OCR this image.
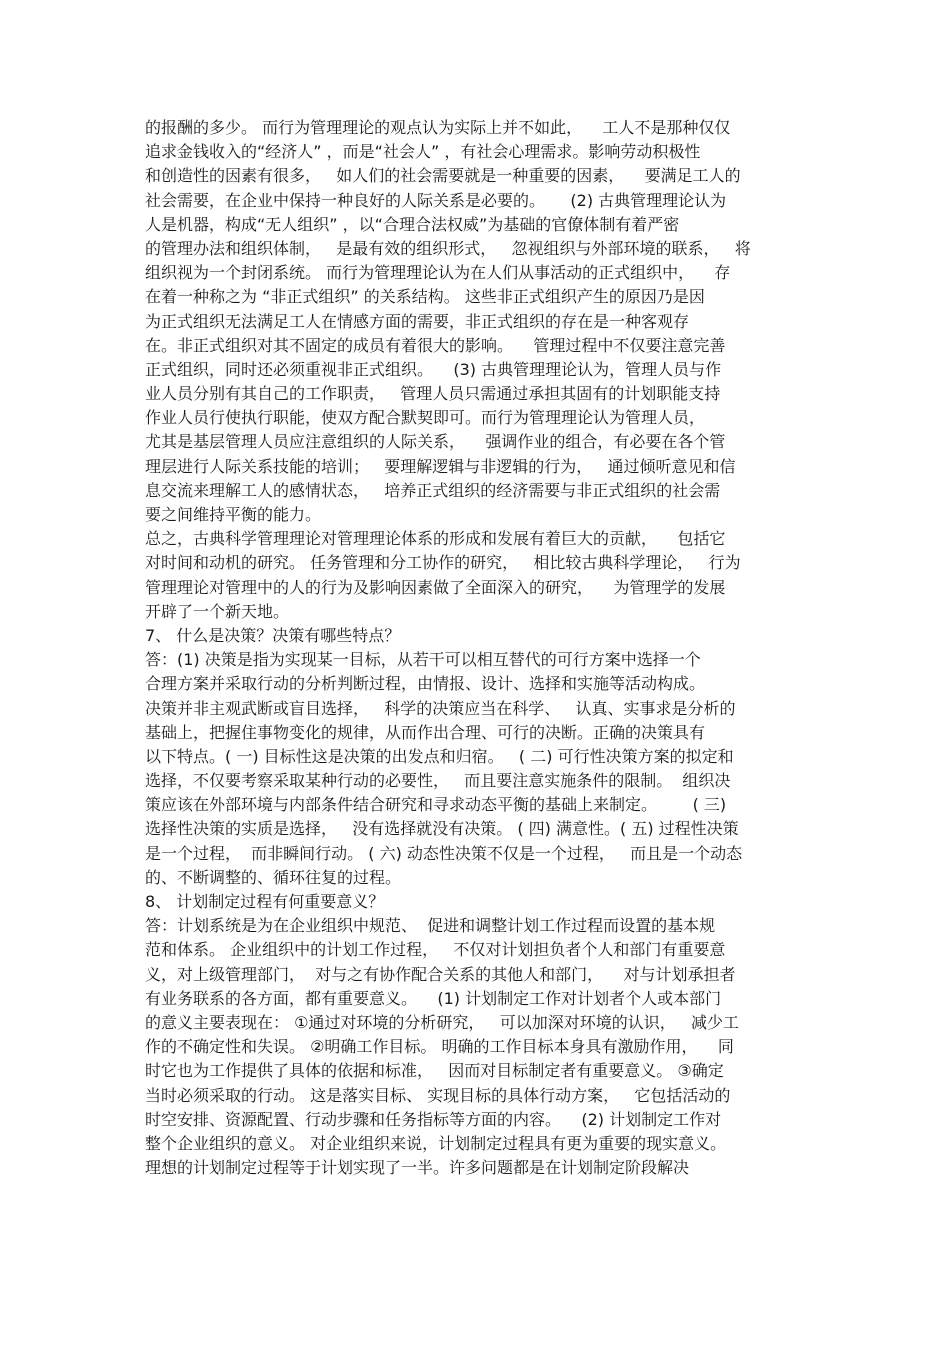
的报酬的多少。 而行为管理理论的观点认为实际上并不如此，    工人不是那种仅仅
追求金钱收入的“经济人” ，而是“社会人” ，有社会心理需求。影响劳动积极性
和创造性的因素有很多，   如人们的社会需要就是一种重要的因素，    要满足工人的
社会需要，在企业中保持一种良好的人际关系是必要的。     (2) 古典管理理论认为
人是机器，构成“无人组织” ，以“合理合法权威”为基础的官僚体制有着严密
的管理办法和组织体制，   是最有效的组织形式，   忽视组织与外部环境的联系，   将
组织视为一个封闭系统。 而行为管理理论认为在人们从事活动的正式组织中，    存
在着一种称之为 “非正式组织” 的关系结构。 这些非正式组织产生的原因乃是因
为正式组织无法满足工人在情感方面的需要，非正式组织的存在是一种客观存
在。非正式组织对其不固定的成员有着很大的影响。    管理过程中不仅要注意完善
正式组织，同时还必须重视非正式组织。    (3) 古典管理理论认为，管理人员与作
业人员分别有其自己的工作职责，   管理人员只需通过承担其固有的计划职能支持
作业人员行使执行职能，使双方配合默契即可。而行为管理理论认为管理人员，
尤其是基层管理人员应注意组织的人际关系，    强调作业的组合，有必要在各个管
理层进行人际关系技能的培训；   要理解逻辑与非逻辑的行为，   通过倾听意见和信
息交流来理解工人的感情状态，   培养正式组织的经济需要与非正式组织的社会需
要之间维持平衡的能力。
总之，古典科学管理理论对管理理论体系的形成和发展有着巨大的贡献，    包括它
对时间和动机的研究。 任务管理和分工协作的研究，   相比较古典科学理论，   行为
管理理论对管理中的人的行为及影响因素做了全面深入的研究，    为管理学的发展
开辟了一个新天地。
7、 什么是决策？决策有哪些特点？
答：(1) 决策是指为实现某一目标，从若干可以相互替代的可行方案中选择一个
合理方案并采取行动的分析判断过程，由情报、设计、选择和实施等活动构成。
决策并非主观武断或盲目选择，   科学的决策应当在科学、   认真、实事求是分析的
基础上，把握住事物变化的规律，从而作出合理、可行的决断。正确的决策具有
以下特点。( 一) 目标性这是决策的出发点和归宿。   ( 二) 可行性决策方案的拟定和
选择，不仅要考察采取某种行动的必要性，   而且要注意实施条件的限制。  组织决
策应该在外部环境与内部条件结合研究和寻求动态平衡的基础上来制定。       ( 三)
选择性决策的实质是选择，   没有选择就没有决策。 ( 四) 满意性。( 五) 过程性决策
是一个过程，  而非瞬间行动。 ( 六) 动态性决策不仅是一个过程，   而且是一个动态
的、不断调整的、循环往复的过程。
8、 计划制定过程有何重要意义？
答：计划系统是为在企业组织中规范、  促进和调整计划工作过程而设置的基本规
范和体系。 企业组织中的计划工作过程，   不仅对计划担负者个人和部门有重要意
义，对上级管理部门，  对与之有协作配合关系的其他人和部门，    对与计划承担者
有业务联系的各方面，都有重要意义。    (1) 计划制定工作对计划者个人或本部门
的意义主要表现在： ①通过对环境的分析研究，   可以加深对环境的认识，   减少工
作的不确定性和失误。 ②明确工作目标。 明确的工作目标本身具有激励作用，    同
时它也为工作提供了具体的依据和标准，   因而对目标制定者有重要意义。 ③确定
当时必须采取的行动。 这是落实目标、 实现目标的具体行动方案，   它包括活动的
时空安排、资源配置、行动步骤和任务指标等方面的内容。    (2) 计划制定工作对
整个企业组织的意义。 对企业组织来说，计划制定过程具有更为重要的现实意义。
理想的计划制定过程等于计划实现了一半。许多问题都是在计划制定阶段解决
